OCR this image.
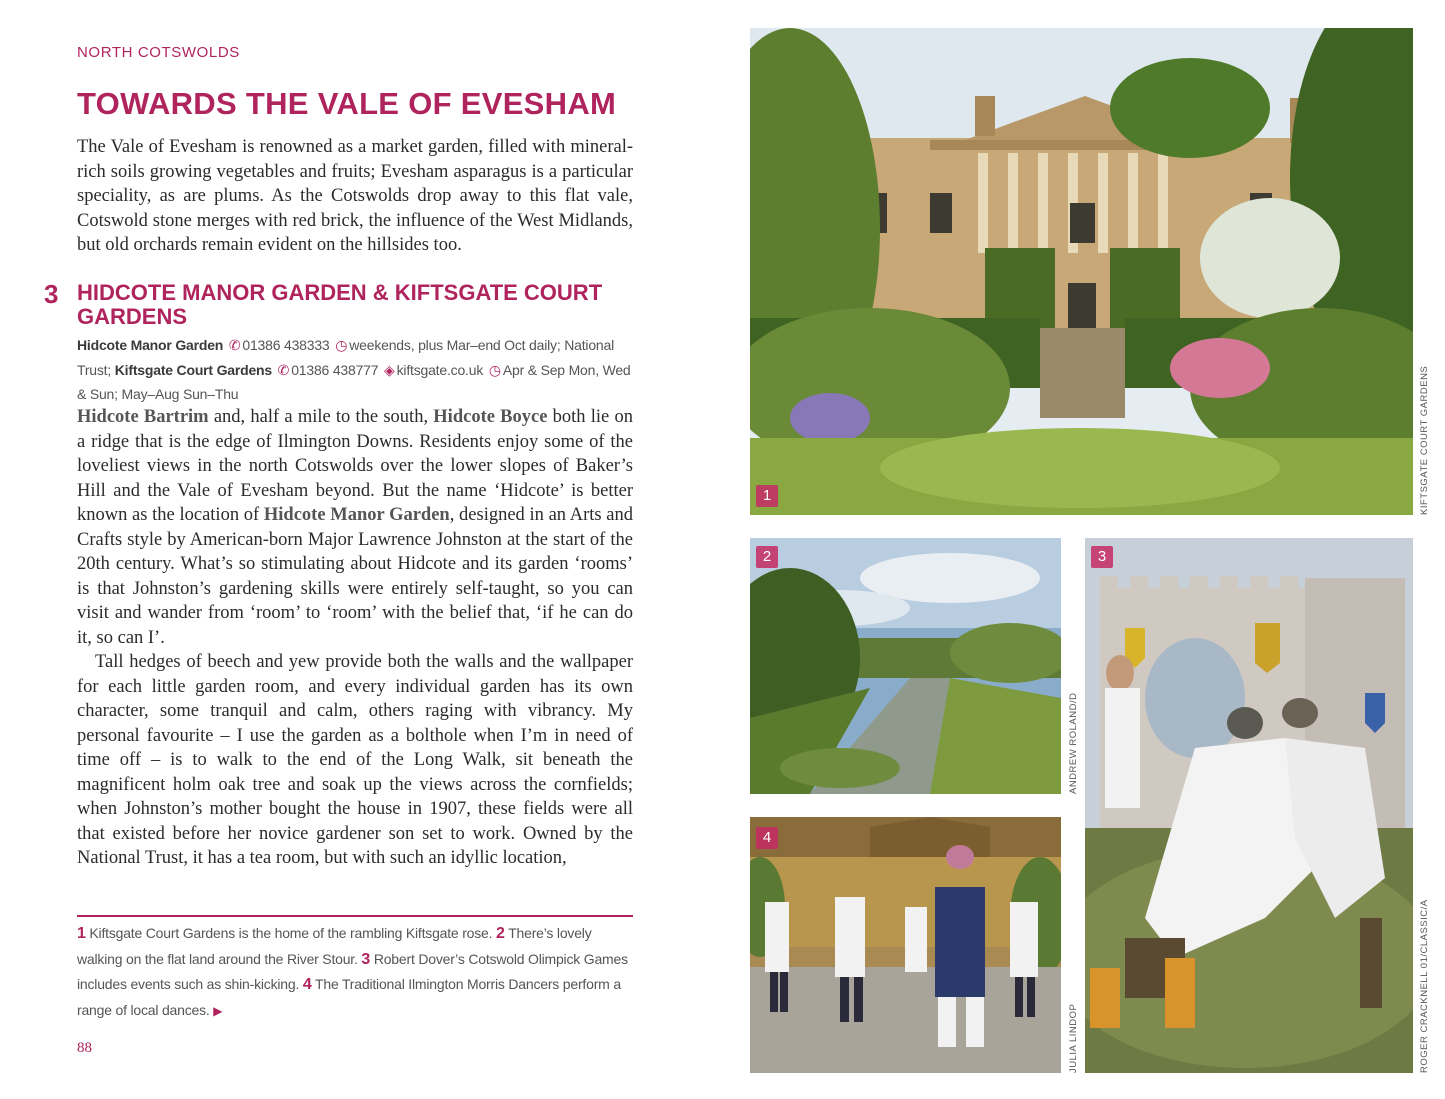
NORTH COTSWOLDS
TOWARDS THE VALE OF EVESHAM

The Vale of Evesham is renowned as a market garden, filled with mineral-rich soils growing vegetables and fruits; Evesham asparagus is a particular speciality, as are plums. As the Cotswolds drop away to this flat vale, Cotswold stone merges with red brick, the influence of the West Midlands, but old orchards remain evident on the hillsides too.

3 HIDCOTE MANOR GARDEN & KIFTSGATE COURT GARDENS
Hidcote Manor Garden ✆ 01386 438333 ◷ weekends, plus Mar–end Oct daily; National Trust; Kiftsgate Court Gardens ✆ 01386 438777 ◈ kiftsgate.co.uk ◷ Apr & Sep Mon, Wed & Sun; May–Aug Sun–Thu

Hidcote Bartrim and, half a mile to the south, Hidcote Boyce both lie on a ridge that is the edge of Ilmington Downs. Residents enjoy some of the loveliest views in the north Cotswolds over the lower slopes of Baker’s Hill and the Vale of Evesham beyond. But the name ‘Hidcote’ is better known as the location of Hidcote Manor Garden, designed in an Arts and Crafts style by American-born Major Lawrence Johnston at the start of the 20th century. What’s so stimulating about Hidcote and its garden ‘rooms’ is that Johnston’s gardening skills were entirely self-taught, so you can visit and wander from ‘room’ to ‘room’ with the belief that, ‘if he can do it, so can I’.

Tall hedges of beech and yew provide both the walls and the wallpaper for each little garden room, and every individual garden has its own character, some tranquil and calm, others raging with vibrancy. My personal favourite – I use the garden as a bolthole when I’m in need of time off – is to walk to the end of the Long Walk, sit beneath the magnificent holm oak tree and soak up the views across the cornfields; when Johnston’s mother bought the house in 1907, these fields were all that existed before her novice gardener son set to work. Owned by the National Trust, it has a tea room, but with such an idyllic location,

1 Kiftsgate Court Gardens is the home of the rambling Kiftsgate rose. 2 There’s lovely walking on the flat land around the River Stour. 3 Robert Dover’s Cotswold Olimpick Games includes events such as shin-kicking. 4 The Traditional Ilmington Morris Dancers perform a range of local dances. ▶
88
1	KIFTSGATE COURT GARDENS
2
ANDREW ROLAND/D
3
ROGER CRACKNELL 01/CLASSIC/A
4
JULIA LINDOP
